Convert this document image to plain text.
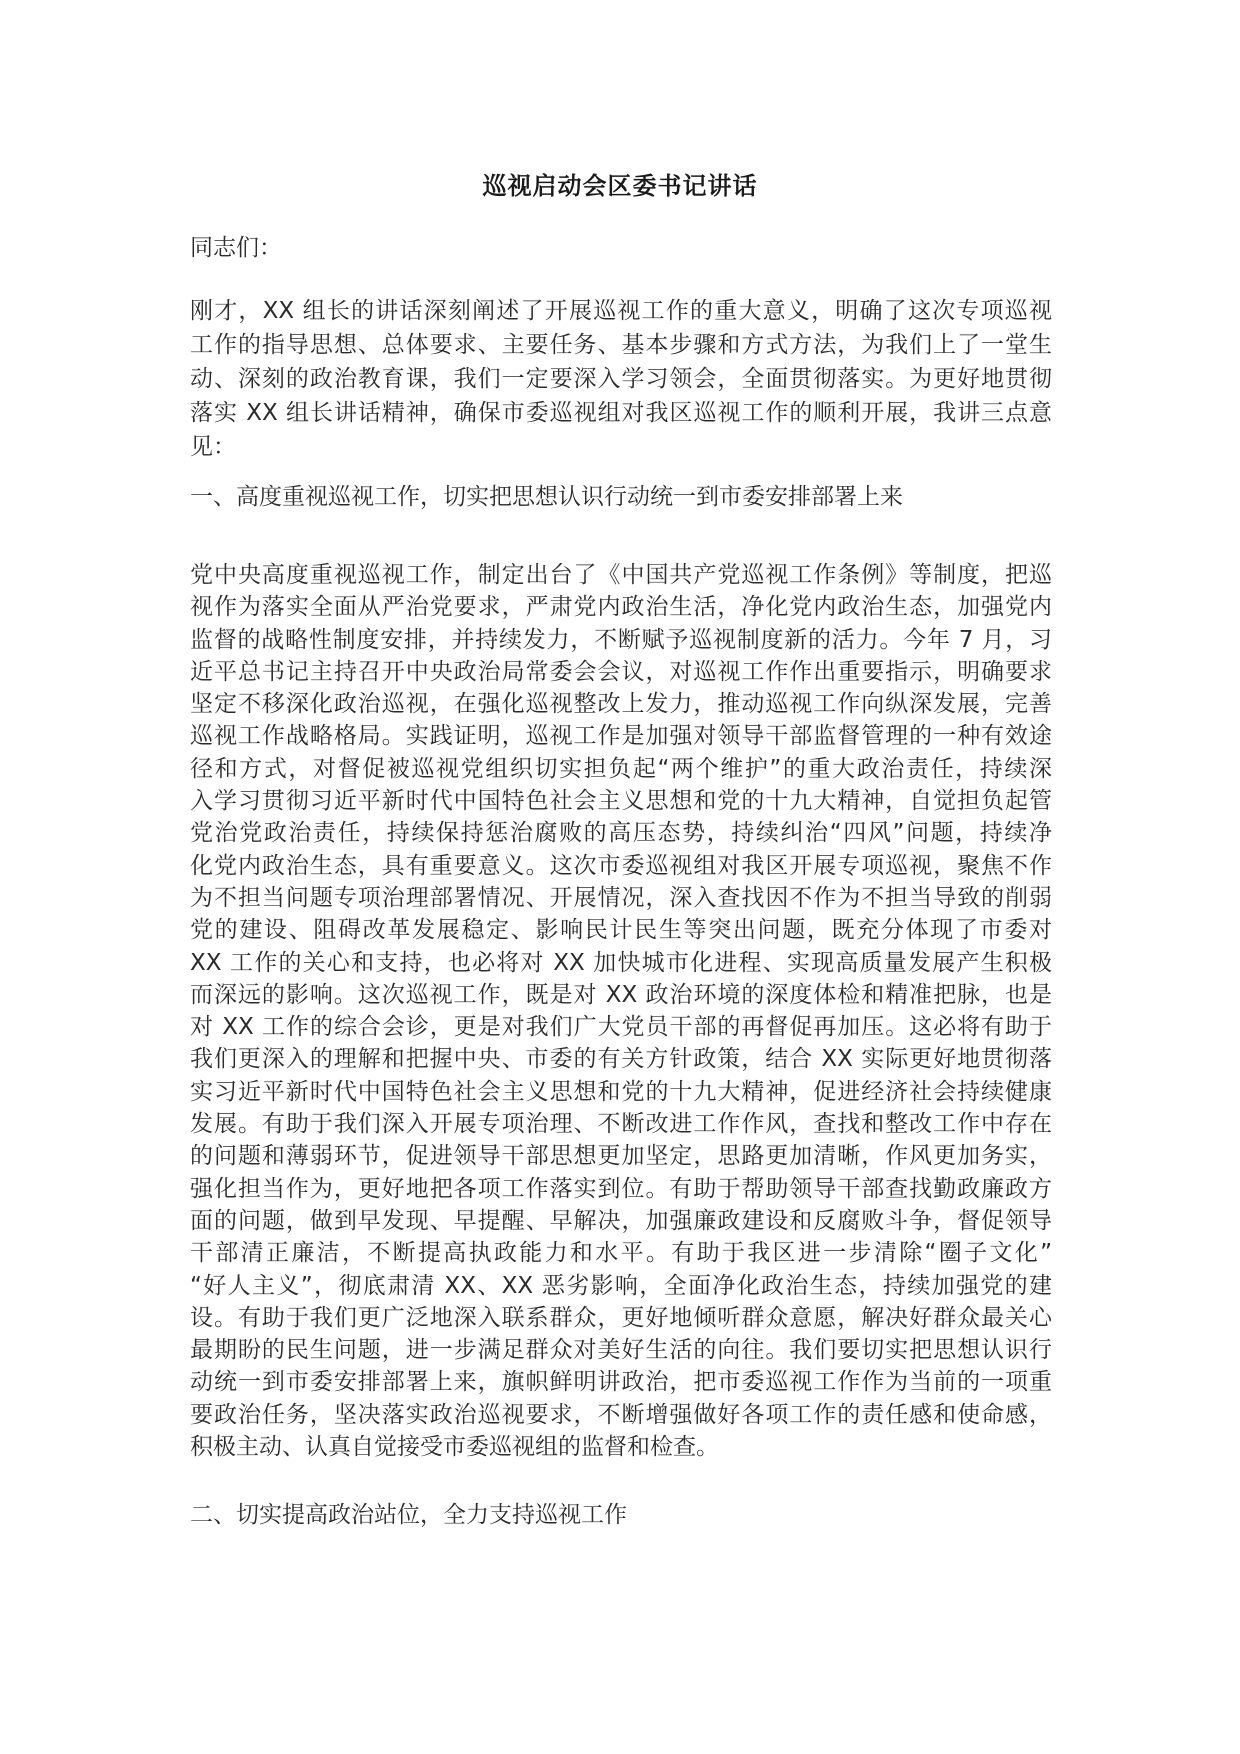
巡视启动会区委书记讲话
同志们：
刚才，XX 组长的讲话深刻阐述了开展巡视工作的重大意义，明确了这次专项巡视
工作的指导思想、总体要求、主要任务、基本步骤和方式方法，为我们上了一堂生
动、深刻的政治教育课，我们一定要深入学习领会，全面贯彻落实。为更好地贯彻
落实 XX 组长讲话精神，确保市委巡视组对我区巡视工作的顺利开展，我讲三点意
见：
一、高度重视巡视工作，切实把思想认识行动统一到市委安排部署上来
党中央高度重视巡视工作，制定出台了《中国共产党巡视工作条例》等制度，把巡
视作为落实全面从严治党要求，严肃党内政治生活，净化党内政治生态，加强党内
监督的战略性制度安排，并持续发力，不断赋予巡视制度新的活力。今年 7 月，习
近平总书记主持召开中央政治局常委会会议，对巡视工作作出重要指示，明确要求
坚定不移深化政治巡视，在强化巡视整改上发力，推动巡视工作向纵深发展，完善
巡视工作战略格局。实践证明，巡视工作是加强对领导干部监督管理的一种有效途
径和方式，对督促被巡视党组织切实担负起“两个维护”的重大政治责任，持续深
入学习贯彻习近平新时代中国特色社会主义思想和党的十九大精神，自觉担负起管
党治党政治责任，持续保持惩治腐败的高压态势，持续纠治“四风”问题，持续净
化党内政治生态，具有重要意义。这次市委巡视组对我区开展专项巡视，聚焦不作
为不担当问题专项治理部署情况、开展情况，深入查找因不作为不担当导致的削弱
党的建设、阻碍改革发展稳定、影响民计民生等突出问题，既充分体现了市委对
XX 工作的关心和支持，也必将对 XX 加快城市化进程、实现高质量发展产生积极
而深远的影响。这次巡视工作，既是对 XX 政治环境的深度体检和精准把脉，也是
对 XX 工作的综合会诊，更是对我们广大党员干部的再督促再加压。这必将有助于
我们更深入的理解和把握中央、市委的有关方针政策，结合 XX 实际更好地贯彻落
实习近平新时代中国特色社会主义思想和党的十九大精神，促进经济社会持续健康
发展。有助于我们深入开展专项治理、不断改进工作作风，查找和整改工作中存在
的问题和薄弱环节，促进领导干部思想更加坚定，思路更加清晰，作风更加务实，
强化担当作为，更好地把各项工作落实到位。有助于帮助领导干部查找勤政廉政方
面的问题，做到早发现、早提醒、早解决，加强廉政建设和反腐败斗争，督促领导
干部清正廉洁，不断提高执政能力和水平。有助于我区进一步清除“圈子文化”
“好人主义”，彻底肃清 XX、XX 恶劣影响，全面净化政治生态，持续加强党的建
设。有助于我们更广泛地深入联系群众，更好地倾听群众意愿，解决好群众最关心
最期盼的民生问题，进一步满足群众对美好生活的向往。我们要切实把思想认识行
动统一到市委安排部署上来，旗帜鲜明讲政治，把市委巡视工作作为当前的一项重
要政治任务，坚决落实政治巡视要求，不断增强做好各项工作的责任感和使命感，
积极主动、认真自觉接受市委巡视组的监督和检查。
二、切实提高政治站位，全力支持巡视工作
